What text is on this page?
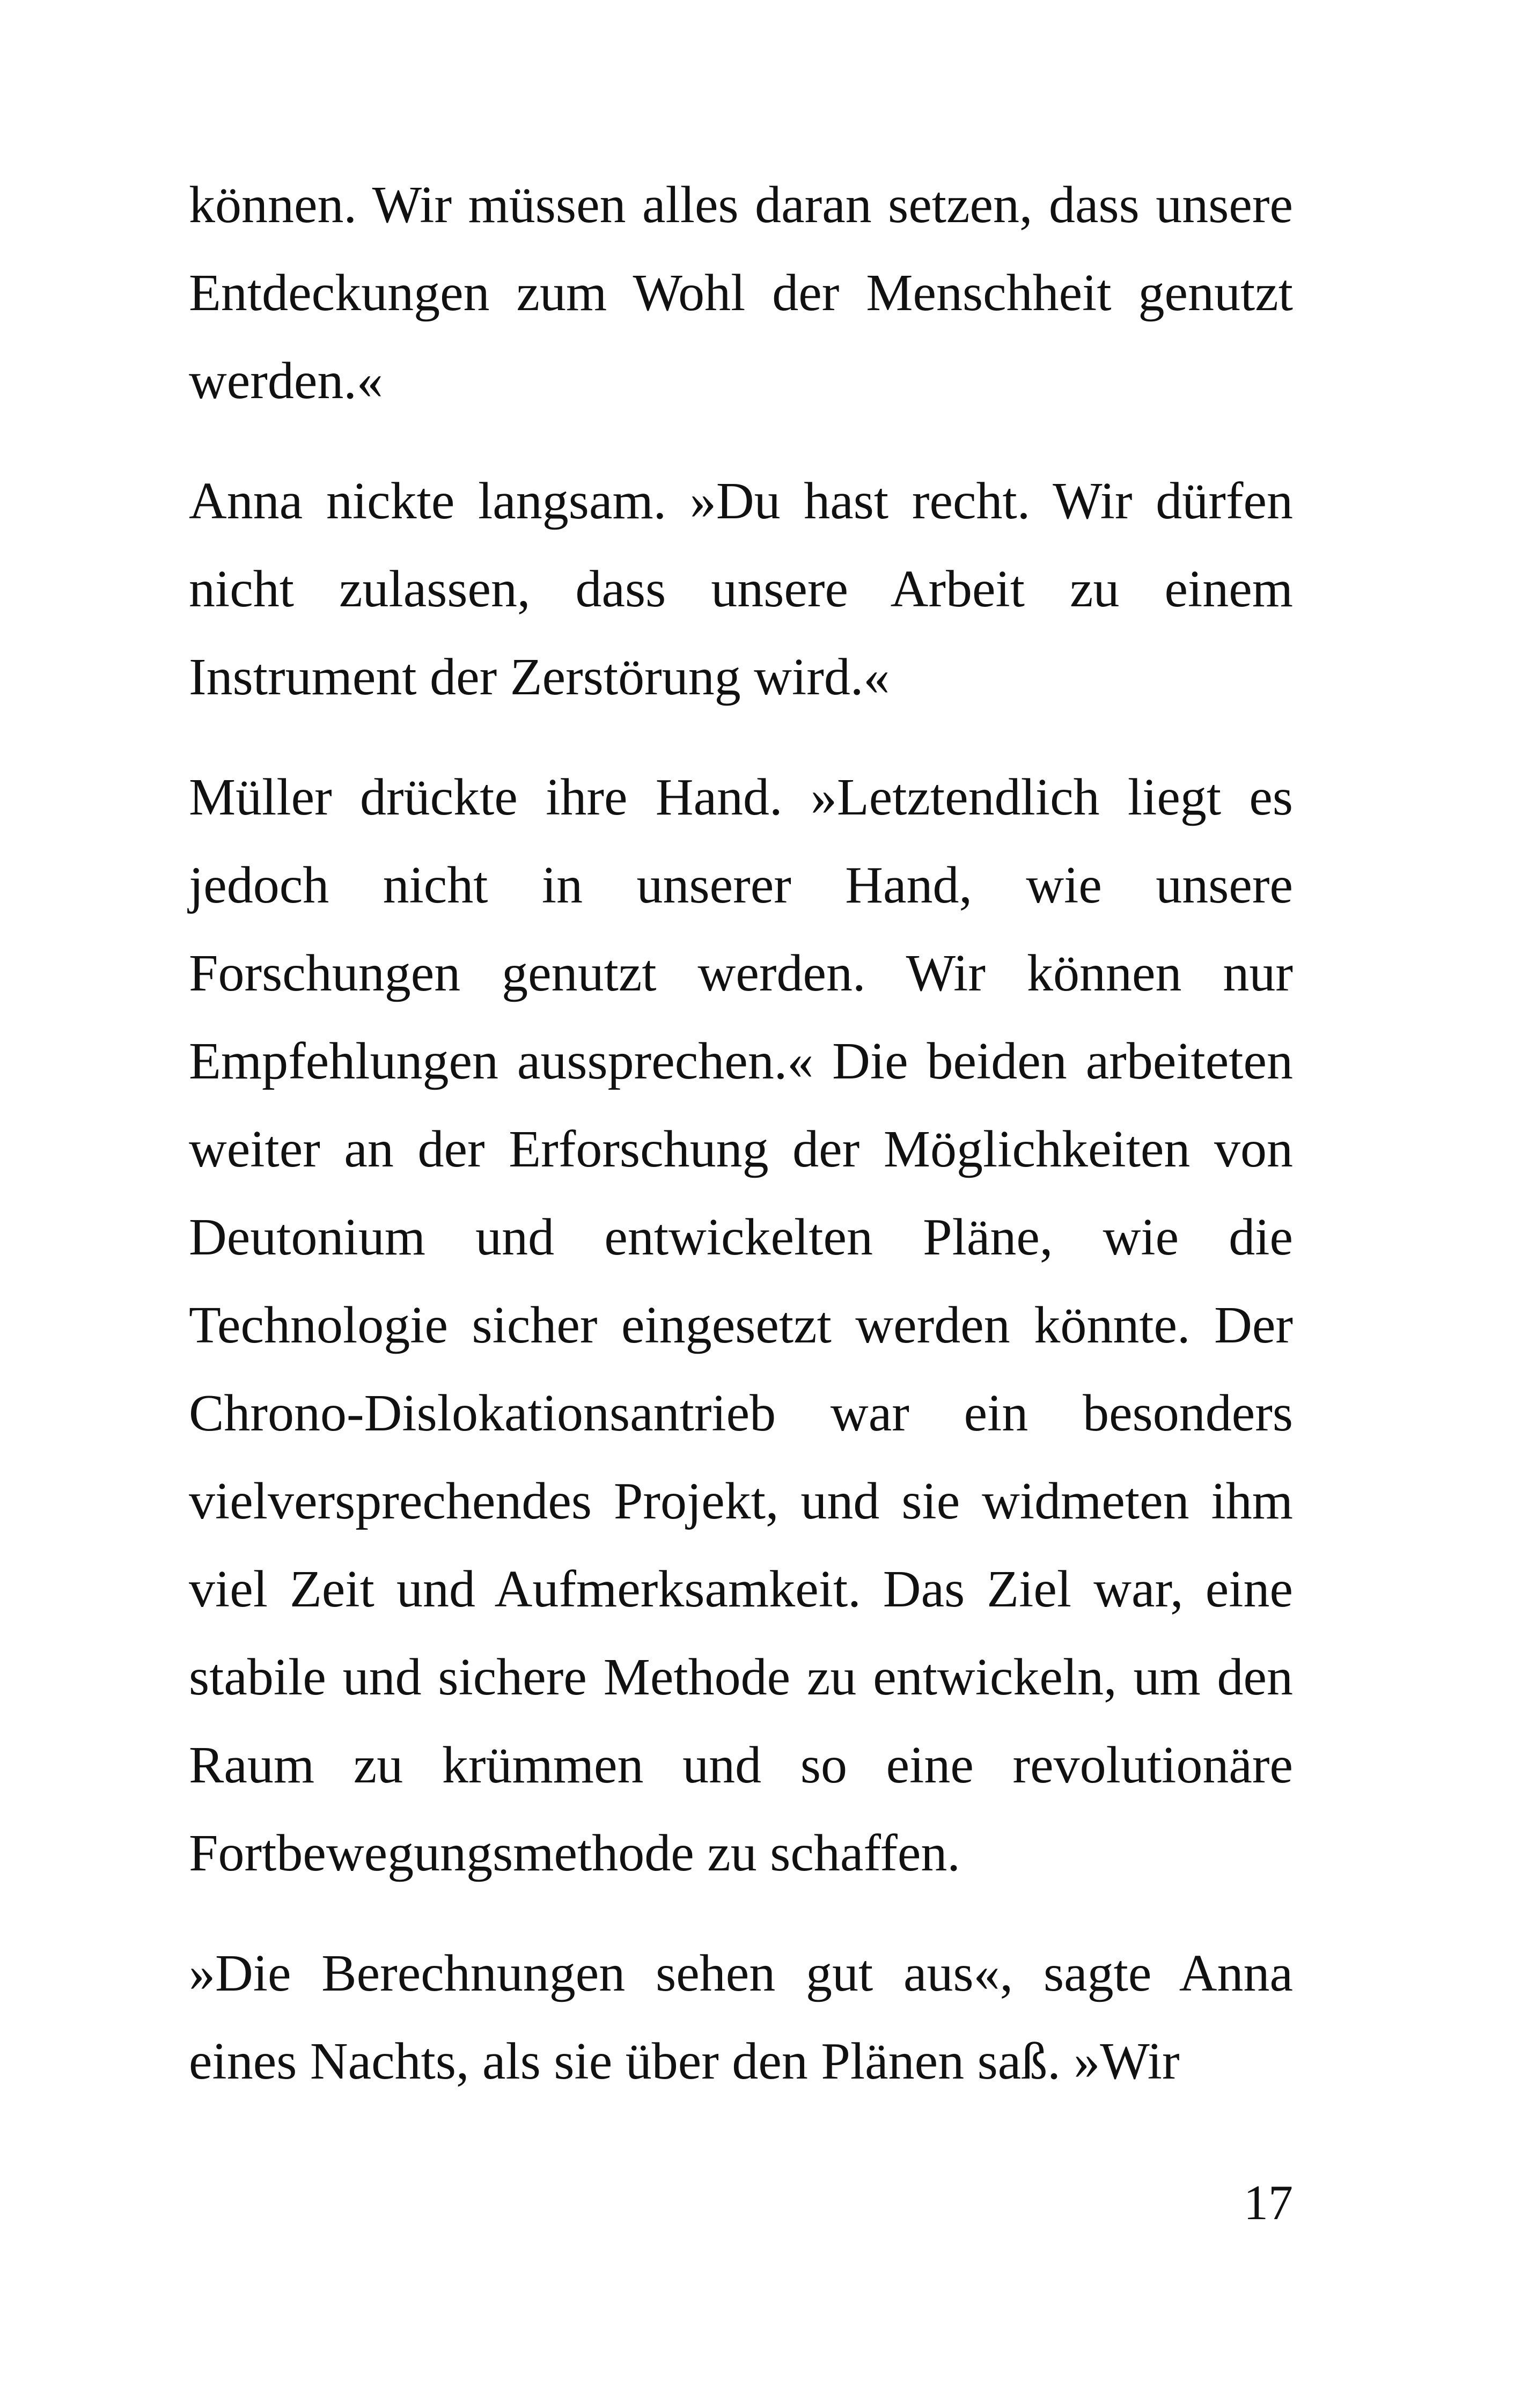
können. Wir müssen alles daran setzen, dass unsere Entdeckungen zum Wohl der Menschheit genutzt werden.«

Anna nickte langsam. »Du hast recht. Wir dürfen nicht zulassen, dass unsere Arbeit zu einem Instrument der Zerstörung wird.«

Müller drückte ihre Hand. »Letztendlich liegt es jedoch nicht in unserer Hand, wie unsere Forschungen genutzt werden. Wir können nur Empfehlungen aussprechen.« Die beiden arbeiteten weiter an der Erforschung der Möglichkeiten von Deutonium und entwickelten Pläne, wie die Technologie sicher eingesetzt werden könnte. Der Chrono-Dislokationsantrieb war ein besonders vielversprechendes Projekt, und sie widmeten ihm viel Zeit und Aufmerksamkeit. Das Ziel war, eine stabile und sichere Methode zu entwickeln, um den Raum zu krümmen und so eine revolutionäre Fortbewegungsmethode zu schaffen.

»Die Berechnungen sehen gut aus«, sagte Anna eines Nachts, als sie über den Plänen saß. »Wir

17
